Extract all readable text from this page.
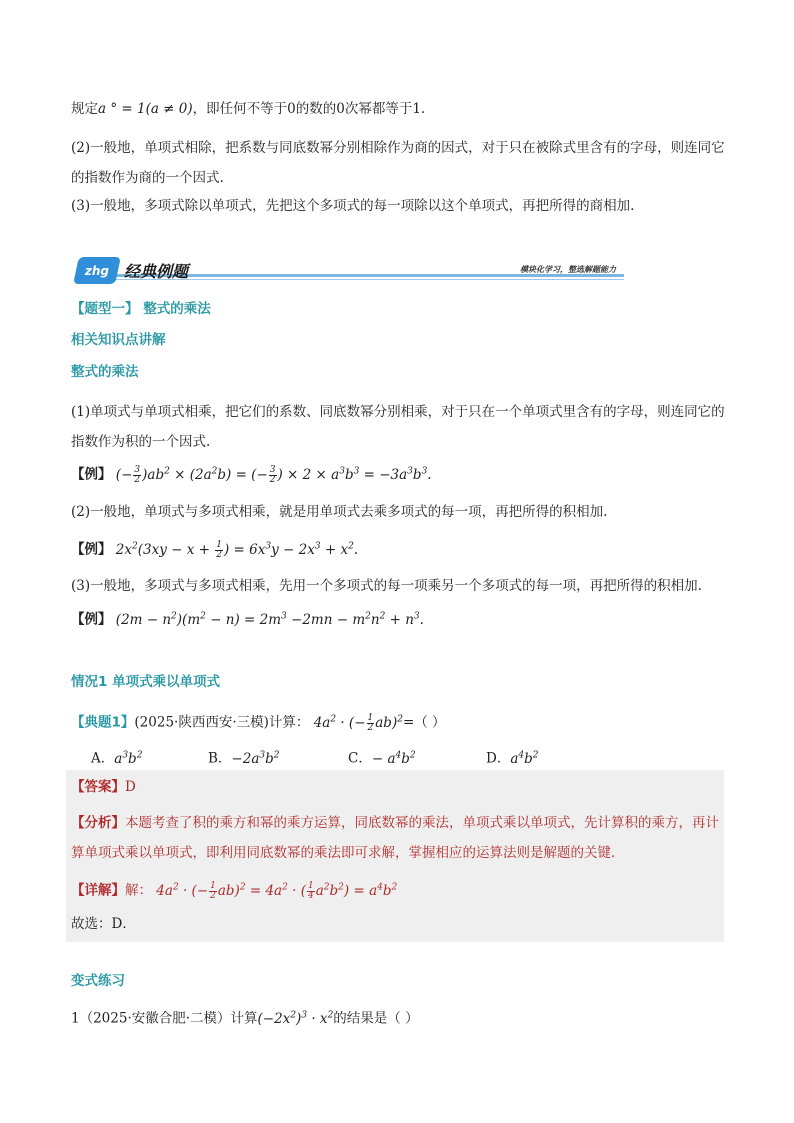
规定a ° = 1(a ≠ 0)，即任何不等于0的数的0次幂都等于1.
(2)一般地，单项式相除，把系数与同底数幂分别相除作为商的因式，对于只在被除式里含有的字母，则连同它的指数作为商的一个因式.
(3)一般地，多项式除以单项式，先把这个多项式的每一项除以这个单项式，再把所得的商相加.
zhg 经典例题	模块化学习，整选解题能力
【题型一】 整式的乘法
相关知识点讲解
整式的乘法
(1)单项式与单项式相乘，把它们的系数、同底数幂分别相乘，对于只在一个单项式里含有的字母，则连同它的指数作为积的一个因式.
【例】 (− $\frac{3}{2} )ab^2 \times (2a^2b)$ = (− $\frac{3}{2}$ ) × $2 \times a^3b^3 = -3a^3b^3$.
(2)一般地，单项式与多项式相乘，就是用单项式去乘多项式的每一项，再把所得的积相加.
【例】 $2x^2(3xy - x + \frac{1}{2}$ ) = $6x^3y - 2x^3 + x^2$.
(3)一般地，多项式与多项式相乘，先用一个多项式的每一项乘另一个多项式的每一项，再把所得的积相加.
【例】 $(2m - n^2)(m^2 - n) = 2m^3 -2mn - m^2n^2 + n^3$.
情况1 单项式乘以单项式
【典题1】(2025·陕西西安·三模)计算： $4a^2$ · (− $\frac{1}{2} ab)^2=$（ ）
A．$a^3b^2$	B．$-2a^3b^2$	C．− $a^4b^2$	D．$a^4b^2$
【答案】D
【分析】本题考查了积的乘方和幂的乘方运算，同底数幂的乘法，单项式乘以单项式，先计算积的乘方，再计算单项式乘以单项式，即利用同底数幂的乘法即可求解，掌握相应的运算法则是解题的关键．
【详解】解： $4a^2$ · (− $\frac{1}{2} ab)^2 = 4a^2$ · ( $\frac{1}{4} a^2b^2) = a^4b^2$
故选：D．
变式练习
1（2025·安徽合肥·二模）计算$(-2x^2)^3 \cdot x^2$的结果是（ ）
